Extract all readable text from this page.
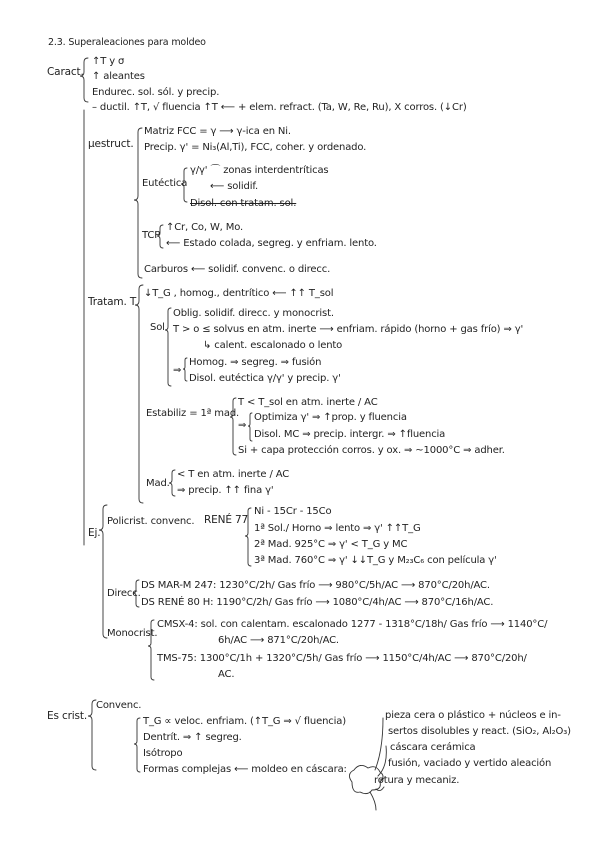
2.3. Superaleaciones para moldeo
Caract.
↑T y σ
↑ aleantes
Endurec. sol. sól. y precip.
– ductil. ↑T, √ fluencia ↑T ⟵ + elem. refract. (Ta, W, Re, Ru), X corros. (↓Cr)
μestruct.
Matriz FCC = γ ⟶ γ-ica en Ni.
Precip. γ' = Ni₃(Al,Ti), FCC, coher. y ordenado.
Eutéctica
γ/γ' ⌒ zonas interdentríticas
⟵ solidif.
Disol. con tratam. sol.
TCP
↑Cr, Co, W, Mo.
⟵ Estado colada, segreg. y enfriam. lento.
Carburos ⟵ solidif. convenc. o direcc.
Tratam. T
↓T_G , homog., dentrítico ⟵ ↑↑ T_sol
Sol
Oblig. solidif. direcc. y monocrist.
T > o ≤ solvus en atm. inerte ⟶ enfriam. rápido (horno + gas frío) ⇒ γ'
↳ calent. escalonado o lento
⇒
Homog. ⇒ segreg. ⇒ fusión
Disol. eutéctica γ/γ' y precip. γ'
Estabiliz = 1ª mad.
T < T_sol en atm. inerte / AC
⇒
Optimiza γ' ⇒ ↑prop. y fluencia
Disol. MC ⇒ precip. intergr. ⇒ ↑fluencia
Si + capa protección corros. y ox. ⇒ ~1000°C ⇒ adher.
Mad.
< T en atm. inerte / AC
⇒ precip. ↑↑ fina γ'
Ej.
Policrist. convenc. RENÉ 77
Ni - 15Cr - 15Co
1ª Sol./ Horno ⇒ lento ⇒ γ' ↑↑T_G
2ª Mad. 925°C ⇒ γ' < T_G y MC
3ª Mad. 760°C ⇒ γ' ↓↓T_G y M₂₃C₆ con película γ'
Direcc.
DS MAR-M 247: 1230°C/2h/ Gas frío ⟶ 980°C/5h/AC ⟶ 870°C/20h/AC.
DS RENÉ 80 H: 1190°C/2h/ Gas frío ⟶ 1080°C/4h/AC ⟶ 870°C/16h/AC.
Monocrist.
CMSX-4: sol. con calentam. escalonado 1277 - 1318°C/18h/ Gas frío ⟶ 1140°C/
6h/AC ⟶ 871°C/20h/AC.
TMS-75: 1300°C/1h + 1320°C/5h/ Gas frío ⟶ 1150°C/4h/AC ⟶ 870°C/20h/
AC.
Es crist.
Convenc.
T_G ∝ veloc. enfriam. (↑T_G ⇒ √ fluencia)
Dentrít. ⇒ ↑ segreg.
Isótropo
Formas complejas ⟵ moldeo en cáscara:
pieza cera o plástico + núcleos e in-
sertos disolubles y react. (SiO₂, Al₂O₃)
cáscara cerámica
fusión, vaciado y vertido aleación
rotura y mecaniz.
